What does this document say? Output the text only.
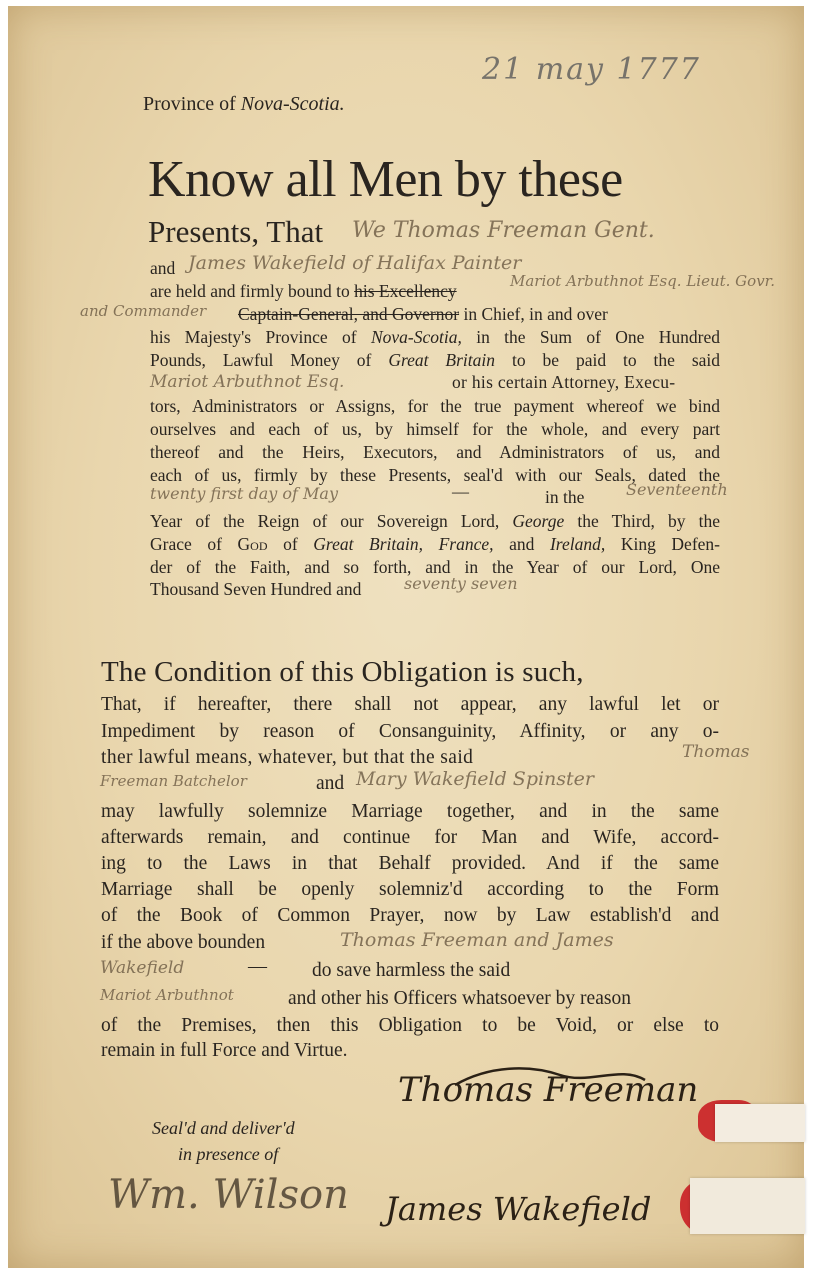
21 may 1777
Province of Nova-Scotia.
Know all Men by these
Presents, That We Thomas Freeman Gent.
and James Wakefield of Halifax Painter
are held and firmly bound to his Excellency	Mariot Arbuthnot Esq. Lieut. Govr.
and Commander Captain-General, and Governor in Chief, in and over
his Majesty's Province of Nova-Scotia, in the Sum of One Hundred
Pounds, Lawful Money of Great Britain to be paid to the said
Mariot Arbuthnot Esq.	or his certain Attorney, Execu-
tors, Administrators or Assigns, for the true payment whereof we bind
ourselves and each of us, by himself for the whole, and every part
thereof and the Heirs, Executors, and Administrators of us, and
each of us, firmly by these Presents, seal'd with our Seals, dated the
twenty first day of May	—	in the	Seventeenth
Year of the Reign of our Sovereign Lord, George the Third, by the
Grace of God of Great Britain, France, and Ireland, King Defen-
der of the Faith, and so forth, and in the Year of our Lord, One
Thousand Seven Hundred and	seventy seven
The Condition of this Obligation is such,
That, if hereafter, there shall not appear, any lawful let or
Impediment by reason of Consanguinity, Affinity, or any o-
ther lawful means, whatever, but that the said	Thomas
Freeman Batchelor	and Mary Wakefield Spinster
may lawfully solemnize Marriage together, and in the same
afterwards remain, and continue for Man and Wife, accord-
ing to the Laws in that Behalf provided. And if the same
Marriage shall be openly solemniz'd according to the Form
of the Book of Common Prayer, now by Law establish'd and
if the above bounden	Thomas Freeman and James
Wakefield	— do save harmless the said
Mariot Arbuthnot	and other his Officers whatsoever by reason
of the Premises, then this Obligation to be Void, or else to
remain in full Force and Virtue.
Thomas Freeman
Seal'd and deliver'd
in presence of
Wm. Wilson James Wakefield
